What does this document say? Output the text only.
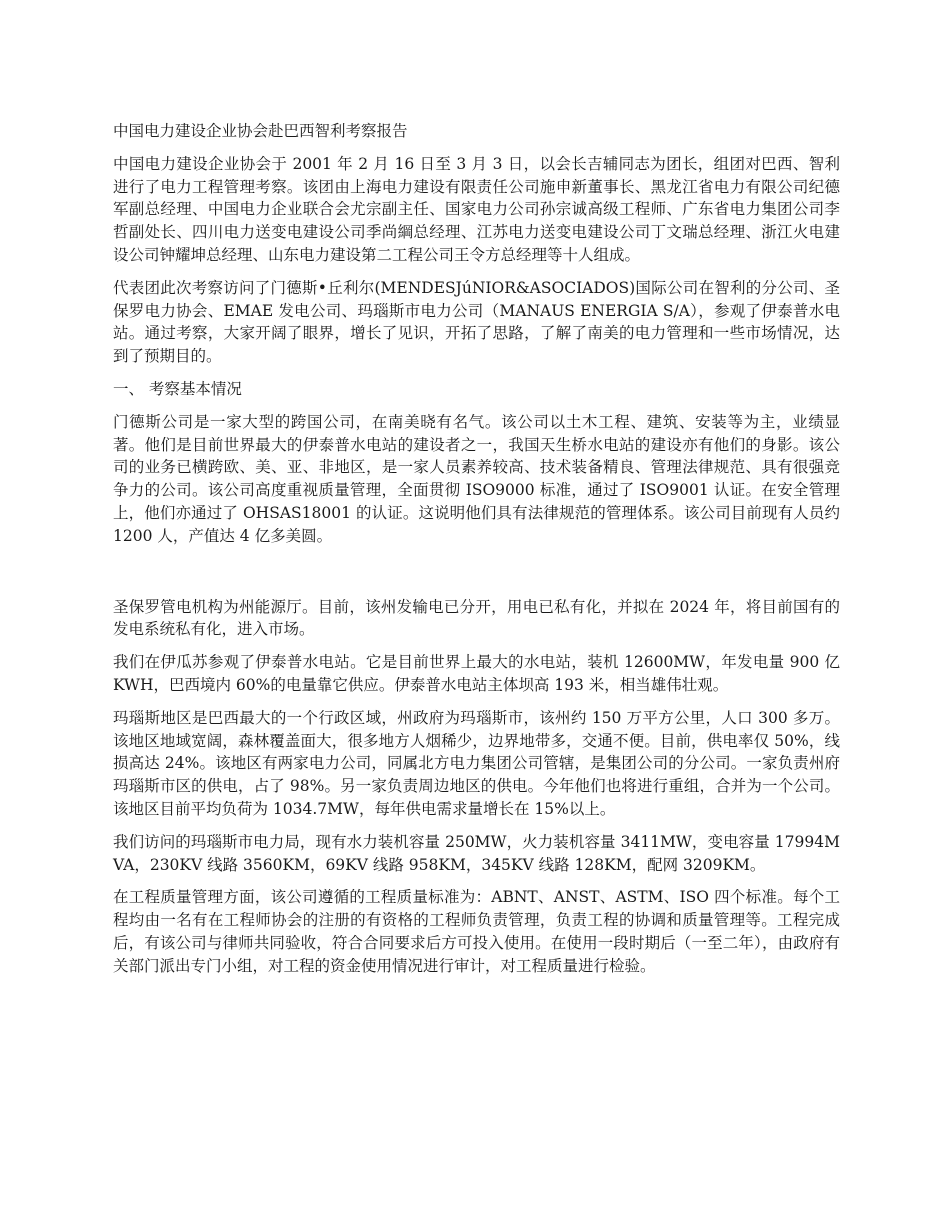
中国电力建设企业协会赴巴西智利考察报告

中国电力建设企业协会于 2001 年 2 月 16 日至 3 月 3 日，以会长吉辅同志为团长，组团对巴西、智利进行了电力工程管理考察。该团由上海电力建设有限责任公司施申新董事长、黑龙江省电力有限公司纪德军副总经理、中国电力企业联合会尤宗副主任、国家电力公司孙宗诚高级工程师、广东省电力集团公司李哲副处长、四川电力送变电建设公司季尚綱总经理、江苏电力送变电建设公司丁文瑞总经理、浙江火电建设公司钟耀坤总经理、山东电力建设第二工程公司王令方总经理等十人组成。

代表团此次考察访问了门德斯•丘利尔(MENDESJúNIOR&ASOCIADOS)国际公司在智利的分公司、圣保罗电力协会、EMAE 发电公司、玛瑙斯市电力公司（MANAUS ENERGIA S/A），参观了伊泰普水电站。通过考察，大家开阔了眼界，增长了见识，开拓了思路，了解了南美的电力管理和一些市场情况，达到了预期目的。

一、 考察基本情况

门德斯公司是一家大型的跨国公司，在南美晓有名气。该公司以土木工程、建筑、安装等为主，业绩显著。他们是目前世界最大的伊泰普水电站的建设者之一，我国天生桥水电站的建设亦有他们的身影。该公司的业务已横跨欧、美、亚、非地区，是一家人员素养较高、技术装备精良、管理法律规范、具有很强竞争力的公司。该公司高度重视质量管理，全面贯彻 ISO9000 标准，通过了 ISO9001 认证。在安全管理上，他们亦通过了 OHSAS18001 的认证。这说明他们具有法律规范的管理体系。该公司目前现有人员约 1200 人，产值达 4 亿多美圆。

圣保罗管电机构为州能源厅。目前，该州发输电已分开，用电已私有化，并拟在 2024 年，将目前国有的发电系统私有化，进入市场。

我们在伊瓜苏参观了伊泰普水电站。它是目前世界上最大的水电站，装机 12600MW，年发电量 900 亿 KWH，巴西境内 60%的电量靠它供应。伊泰普水电站主体坝高 193 米，相当雄伟壮观。

玛瑙斯地区是巴西最大的一个行政区域，州政府为玛瑙斯市，该州约 150 万平方公里，人口 300 多万。该地区地域宽阔，森林覆盖面大，很多地方人烟稀少，边界地带多，交通不便。目前，供电率仅 50%，线损高达 24%。该地区有两家电力公司，同属北方电力集团公司管辖，是集团公司的分公司。一家负责州府玛瑙斯市区的供电，占了 98%。另一家负责周边地区的供电。今年他们也将进行重组，合并为一个公司。该地区目前平均负荷为 1034.7MW，每年供电需求量增长在 15%以上。

我们访问的玛瑙斯市电力局，现有水力装机容量 250MW，火力装机容量 3411MW，变电容量 17994MVA，230KV 线路 3560KM，69KV 线路 958KM，345KV 线路 128KM，配网 3209KM。

在工程质量管理方面，该公司遵循的工程质量标准为：ABNT、ANST、ASTM、ISO 四个标准。每个工程均由一名有在工程师协会的注册的有资格的工程师负责管理，负责工程的协调和质量管理等。工程完成后，有该公司与律师共同验收，符合合同要求后方可投入使用。在使用一段时期后（一至二年），由政府有关部门派出专门小组，对工程的资金使用情况进行审计，对工程质量进行检验。
